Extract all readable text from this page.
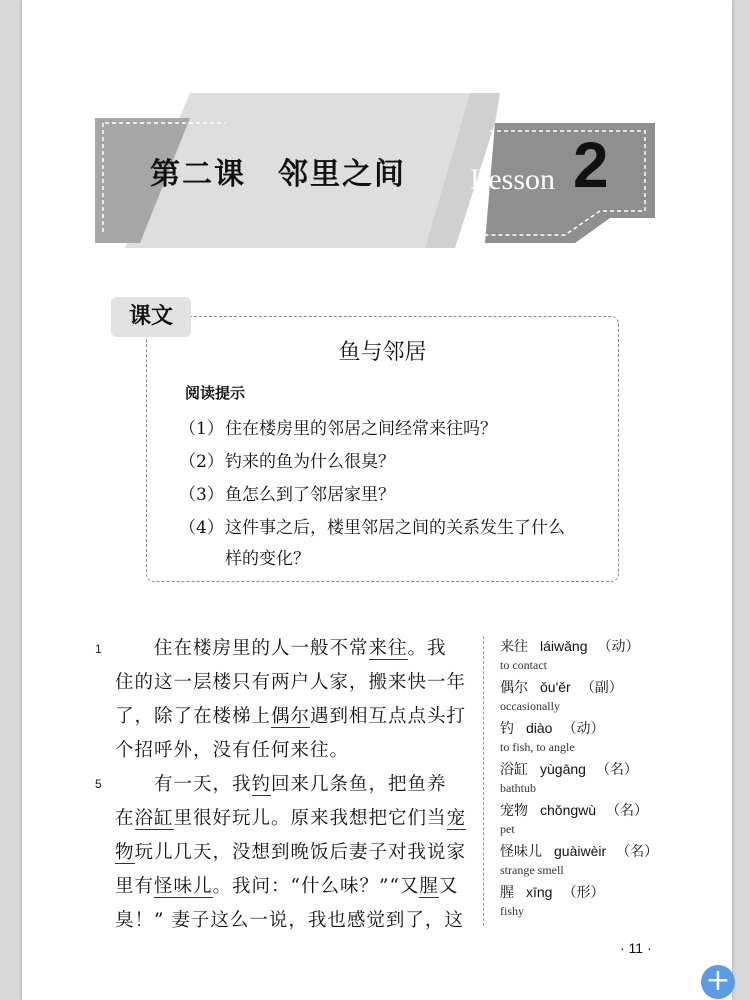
第二课　邻里之间 Lesson 2
鱼与邻居
阅读提示
（1）住在楼房里的邻居之间经常来往吗？
（2）钓来的鱼为什么很臭？
（3）鱼怎么到了邻居家里？
（4）这件事之后，楼里邻居之间的关系发生了什么
样的变化？
课文
1
5
　　住在楼房里的人一般不常来往。我
住的这一层楼只有两户人家，搬来快一年
了，除了在楼梯上偶尔遇到相互点点头打
个招呼外，没有任何来往。
　　有一天，我钓回来几条鱼，把鱼养
在浴缸里很好玩儿。原来我想把它们当宠
物玩儿几天，没想到晚饭后妻子对我说家
里有怪味儿。我问：“什么味？”“又腥又
臭！” 妻子这么一说，我也感觉到了，这
来往 láiwǎng （动）
to contact
偶尔 ǒu'ěr （副）
occasionally
钓 diào （动）
to fish, to angle
浴缸 yùgāng （名）
bathtub
宠物 chǒngwù （名）
pet
怪味儿 guàiwèir （名）
strange smell
腥 xīng （形）
fishy
· 11 ·
+
